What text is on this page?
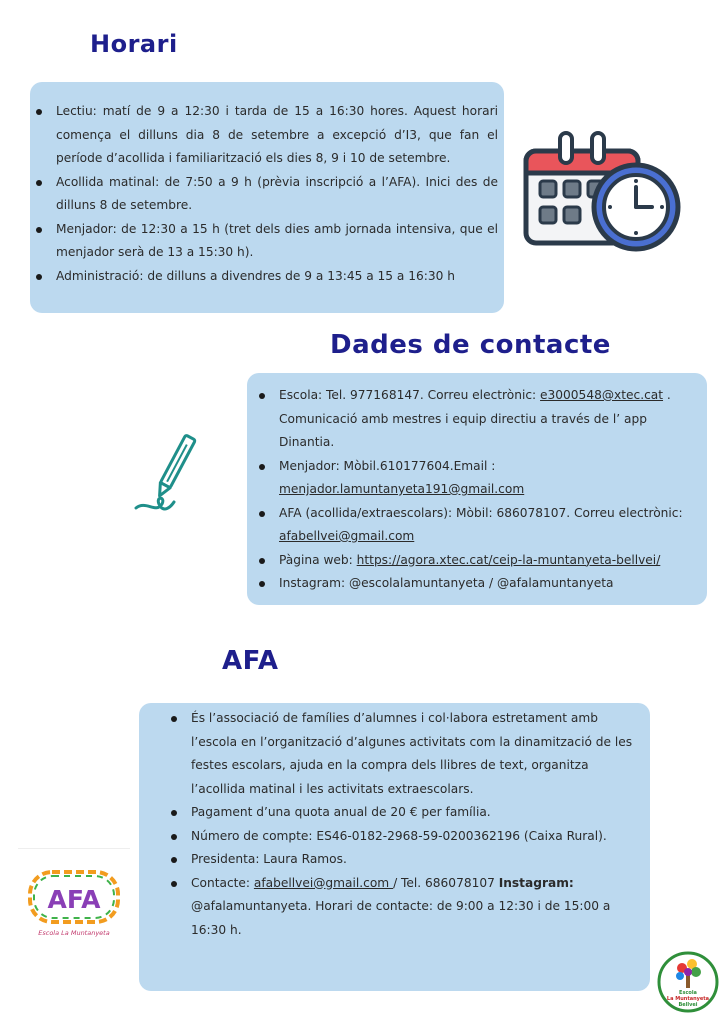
Horari
Lectiu: matí de 9 a 12:30 i tarda de 15 a 16:30 hores. Aquest horari comença el dilluns dia 8 de setembre a excepció d’I3, que fan el període d’acollida i familiarització els dies 8, 9 i 10 de setembre.
Acollida matinal: de 7:50 a 9 h (prèvia inscripció a l’AFA). Inici des de dilluns 8 de setembre.
Menjador: de 12:30 a 15 h (tret dels dies amb jornada intensiva, que el menjador serà de 13 a 15:30 h).
Administració: de dilluns a divendres de 9 a 13:45 a 15 a 16:30 h
Dades de contacte
Escola: Tel. 977168147. Correu electrònic: e3000548@xtec.cat . Comunicació amb mestres i equip directiu a través de l’ app Dinantia.
Menjador: Mòbil.610177604.Email :
menjador.lamuntanyeta191@gmail.com
AFA (acollida/extraescolars): Mòbil: 686078107. Correu electrònic: afabellvei@gmail.com
Pàgina web: https://agora.xtec.cat/ceip-la-muntanyeta-bellvei/
Instagram: @escolalamuntanyeta / @afalamuntanyeta
AFA
És l’associació de famílies d’alumnes i col·labora estretament amb l’escola en l’organització d’algunes activitats com la dinamització de les festes escolars, ajuda en la compra dels llibres de text, organitza l’acollida matinal i les activitats extraescolars.
Pagament d’una quota anual de 20 € per família.
Número de compte: ES46-0182-2968-59-0200362196 (Caixa Rural).
Presidenta: Laura Ramos.
Contacte: afabellvei@gmail.com / Tel. 686078107 Instagram: @afalamuntanyeta. Horari de contacte: de 9:00 a 12:30 i de 15:00 a 16:30 h.
AFA
Escola La Muntanyeta
Escola
La Muntanyeta
Bellvei
